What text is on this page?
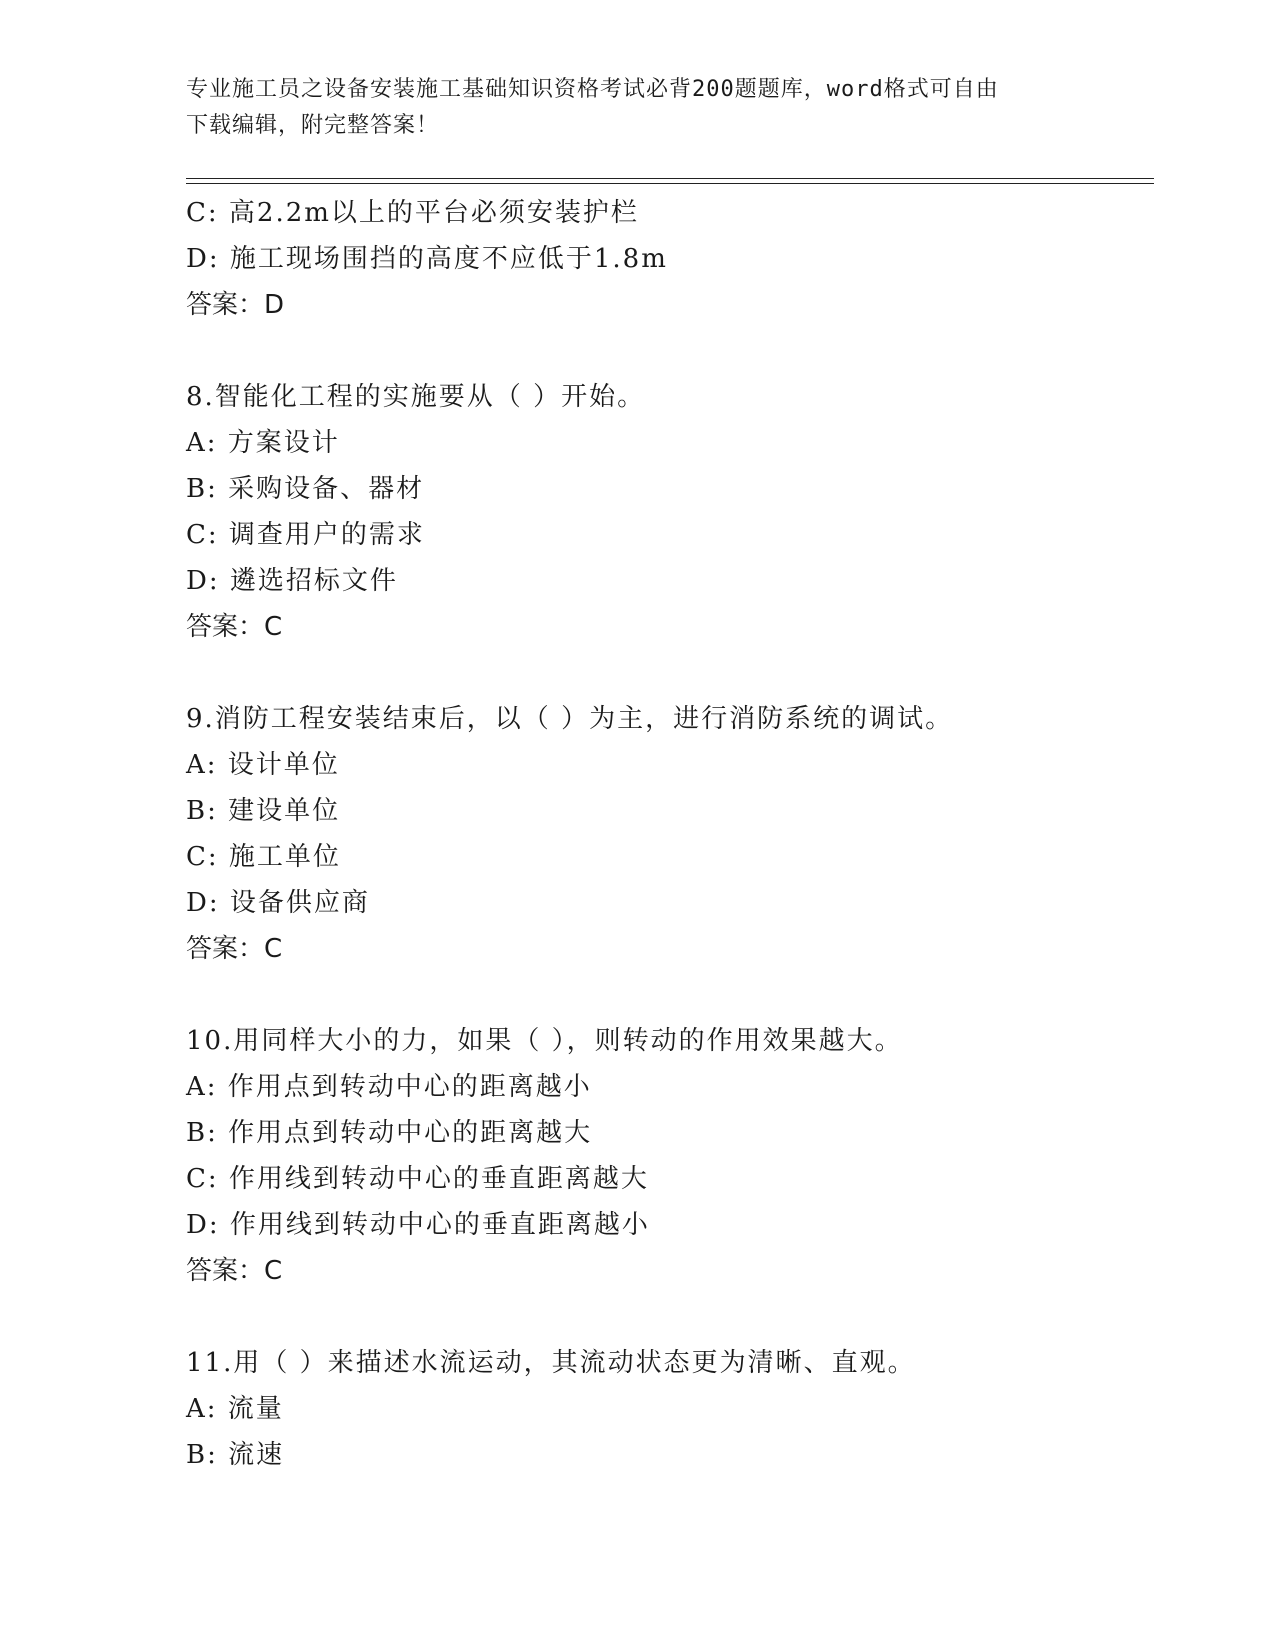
专业施工员之设备安装施工基础知识资格考试必背200题题库，word格式可自由
下载编辑，附完整答案！
C: 高2.2m以上的平台必须安装护栏
D: 施工现场围挡的高度不应低于1.8m
答案：D
8.智能化工程的实施要从（ ）开始。
A: 方案设计
B: 采购设备、器材
C: 调查用户的需求
D: 遴选招标文件
答案：C
9.消防工程安装结束后，以（ ）为主，进行消防系统的调试。
A: 设计单位
B: 建设单位
C: 施工单位
D: 设备供应商
答案：C
10.用同样大小的力，如果（ ），则转动的作用效果越大。
A: 作用点到转动中心的距离越小
B: 作用点到转动中心的距离越大
C: 作用线到转动中心的垂直距离越大
D: 作用线到转动中心的垂直距离越小
答案：C
11.用（ ）来描述水流运动，其流动状态更为清晰、直观。
A: 流量
B: 流速
